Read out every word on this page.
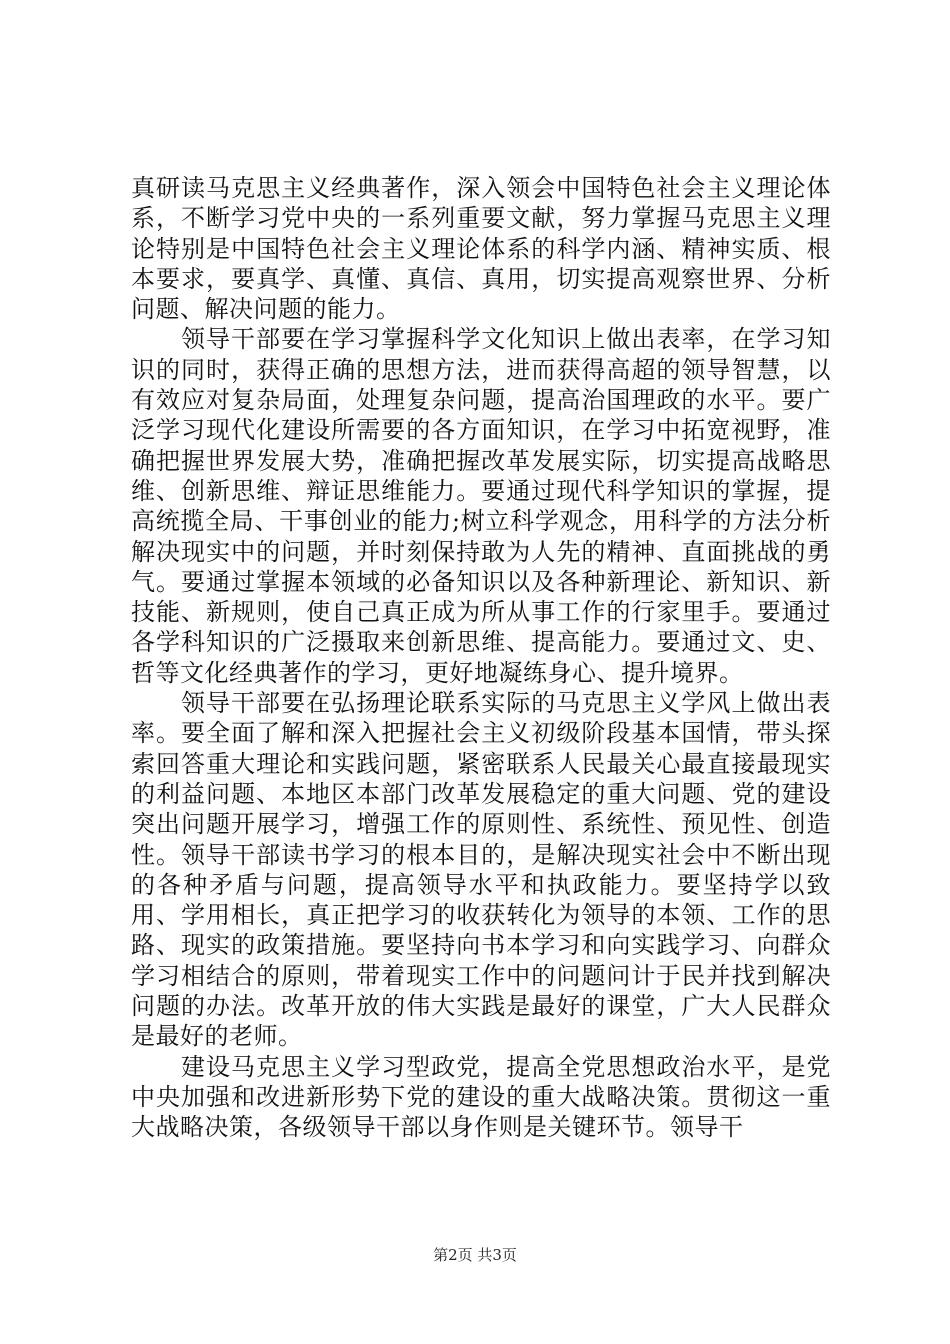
真研读马克思主义经典著作，深入领会中国特色社会主义理论体系，不断学习党中央的一系列重要文献，努力掌握马克思主义理论特别是中国特色社会主义理论体系的科学内涵、精神实质、根本要求，要真学、真懂、真信、真用，切实提高观察世界、分析问题、解决问题的能力。

领导干部要在学习掌握科学文化知识上做出表率，在学习知识的同时，获得正确的思想方法，进而获得高超的领导智慧，以有效应对复杂局面，处理复杂问题，提高治国理政的水平。要广泛学习现代化建设所需要的各方面知识，在学习中拓宽视野，准确把握世界发展大势，准确把握改革发展实际，切实提高战略思维、创新思维、辩证思维能力。要通过现代科学知识的掌握，提高统揽全局、干事创业的能力;树立科学观念，用科学的方法分析解决现实中的问题，并时刻保持敢为人先的精神、直面挑战的勇气。要通过掌握本领域的必备知识以及各种新理论、新知识、新技能、新规则，使自己真正成为所从事工作的行家里手。要通过各学科知识的广泛摄取来创新思维、提高能力。要通过文、史、哲等文化经典著作的学习，更好地凝练身心、提升境界。

领导干部要在弘扬理论联系实际的马克思主义学风上做出表率。要全面了解和深入把握社会主义初级阶段基本国情，带头探索回答重大理论和实践问题，紧密联系人民最关心最直接最现实的利益问题、本地区本部门改革发展稳定的重大问题、党的建设突出问题开展学习，增强工作的原则性、系统性、预见性、创造性。领导干部读书学习的根本目的，是解决现实社会中不断出现的各种矛盾与问题，提高领导水平和执政能力。要坚持学以致用、学用相长，真正把学习的收获转化为领导的本领、工作的思路、现实的政策措施。要坚持向书本学习和向实践学习、向群众学习相结合的原则，带着现实工作中的问题问计于民并找到解决问题的办法。改革开放的伟大实践是最好的课堂，广大人民群众是最好的老师。

建设马克思主义学习型政党，提高全党思想政治水平，是党中央加强和改进新形势下党的建设的重大战略决策。贯彻这一重大战略决策，各级领导干部以身作则是关键环节。领导干

第2页 共3页
